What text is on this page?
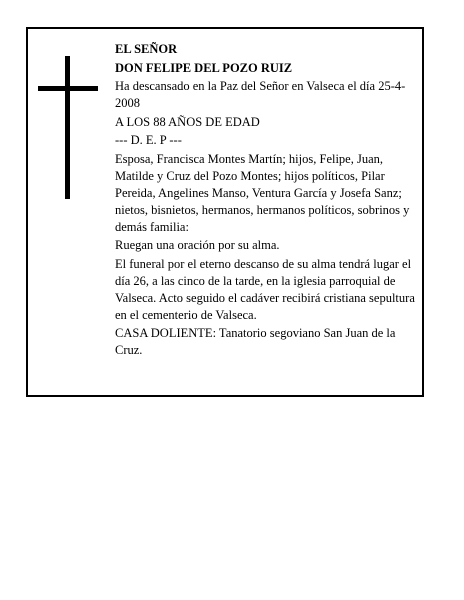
EL SEÑOR

DON FELIPE DEL POZO RUIZ

Ha descansado en la Paz del Señor en Valseca el día 25-4-2008

A LOS 88 AÑOS DE EDAD

--- D. E. P ---

Esposa, Francisca Montes Martín; hijos, Felipe, Juan, Matilde y Cruz del Pozo Montes; hijos políticos, Pilar Pereida, Angelines Manso, Ventura García y Josefa Sanz; nietos, bisnietos, hermanos, hermanos políticos, sobrinos y demás familia:

Ruegan una oración por su alma.

El funeral por el eterno descanso de su alma tendrá lugar el día 26, a las cinco de la tarde, en la iglesia parroquial de Valseca. Acto seguido el cadáver recibirá cristiana sepultura en el cementerio de Valseca.

CASA DOLIENTE: Tanatorio segoviano San Juan de la Cruz.
